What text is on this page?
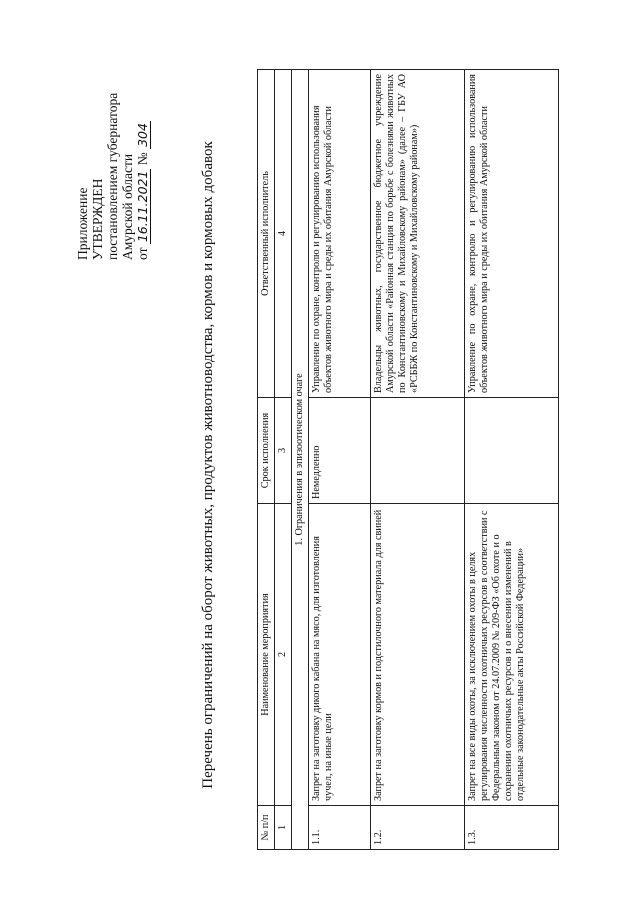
Приложение УТВЕРЖДЕН постановлением губернатора Амурской области от 16.11.2021 № 304
Перечень ограничений на оборот животных, продуктов животноводства, кормов и кормовых добавок
№ п/п	Наименование мероприятия	Срок исполнения	Ответственный исполнитель
1	2	3	4
1. Ограничения в эпизоотическом очаге			
1.1.	Запрет на заготовку дикого кабана на мясо, для изготовления чучел, на иные цели	Немедленно	Управление по охране, контролю и регулированию использования объектов животного мира и среды их обитания Амурской области
1.2.	Запрет на заготовку кормов и подстилочного материала для свиней		Владельцы животных, государственное бюджетное учреждение Амурской области «Районная станция по борьбе с болезнями животных по Константиновскому и Михайловскому районам» (далее – ГБУ АО «РСББЖ по Константиновскому и Михайловскому районам»)
1.3.	Запрет на все виды охоты, за исключением охоты в целях регулирования численности охотничьих ресурсов в соответствии с Федеральным законом от 24.07.2009 № 209-ФЗ «Об охоте и о сохранении охотничьих ресурсов и о внесении изменений в отдельные законодательные акты Российской Федерации»		Управление по охране, контролю и регулированию использования объектов животного мира и среды их обитания Амурской области
